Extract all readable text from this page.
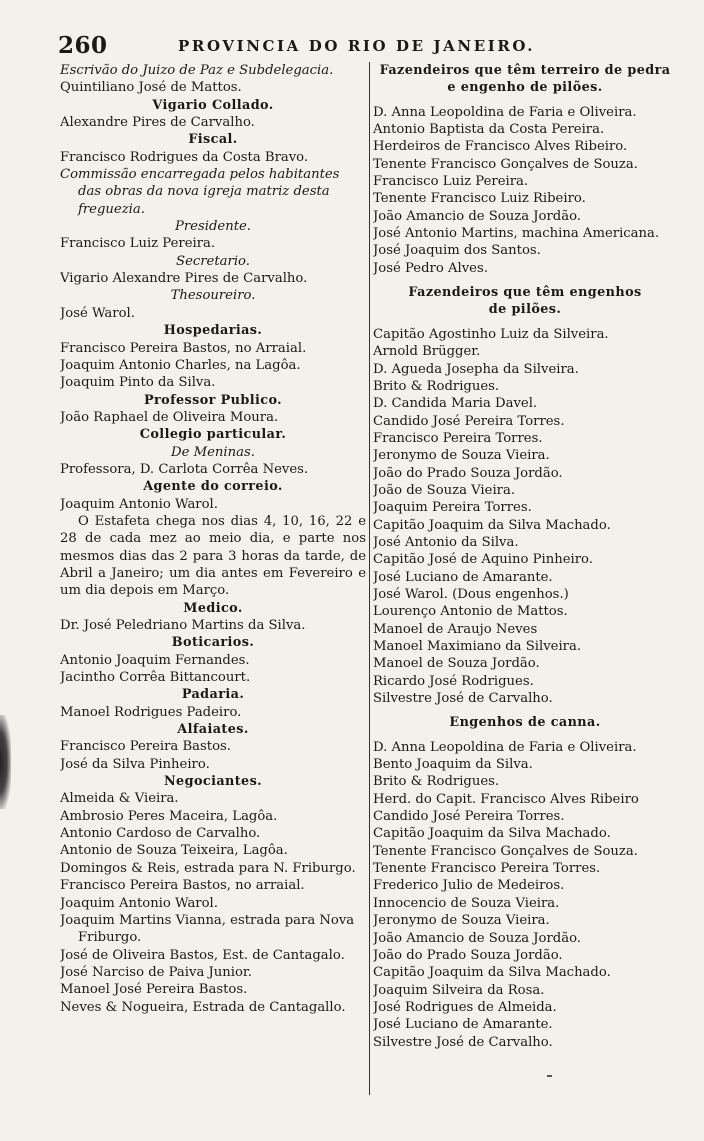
260	PROVINCIA DO RIO DE JANEIRO.
Escrivão do Juizo de Paz e Subdelegacia.
Quintiliano José de Mattos.
Vigario Collado.
Alexandre Pires de Carvalho.
Fiscal.
Francisco Rodrigues da Costa Bravo.
Commissão encarregada pelos habitantes
das obras da nova igreja matriz desta
freguezia.
Presidente.
Francisco Luiz Pereira.
Secretario.
Vigario Alexandre Pires de Carvalho.
Thesoureiro.
José Warol.
Hospedarias.
Francisco Pereira Bastos, no Arraial.
Joaquim Antonio Charles, na Lagôa.
Joaquim Pinto da Silva.
Professor Publico.
João Raphael de Oliveira Moura.
Collegio particular.
De Meninas.
Professora, D. Carlota Corrêa Neves.
Agente do correio.
Joaquim Antonio Warol.
O Estafeta chega nos dias 4, 10, 16, 22 e 28 de cada mez ao meio dia, e parte nos mesmos dias das 2 para 3 horas da tarde, de Abril a Janeiro; um dia antes em Fevereiro e um dia depois em Março.
Medico.
Dr. José Peledriano Martins da Silva.
Boticarios.
Antonio Joaquim Fernandes.
Jacintho Corrêa Bittancourt.
Padaria.
Manoel Rodrigues Padeiro.
Alfaiates.
Francisco Pereira Bastos.
José da Silva Pinheiro.
Negociantes.
Almeida & Vieira.
Ambrosio Peres Maceira, Lagôa.
Antonio Cardoso de Carvalho.
Antonio de Souza Teixeira, Lagôa.
Domingos & Reis, estrada para N. Friburgo.
Francisco Pereira Bastos, no arraial.
Joaquim Antonio Warol.
Joaquim Martins Vianna, estrada para Nova
Friburgo.
José de Oliveira Bastos, Est. de Cantagalo.
José Narciso de Paiva Junior.
Manoel José Pereira Bastos.
Neves & Nogueira, Estrada de Cantagallo.
Fazendeiros que têm terreiro de pedra
e engenho de pilões.
D. Anna Leopoldina de Faria e Oliveira.
Antonio Baptista da Costa Pereira.
Herdeiros de Francisco Alves Ribeiro.
Tenente Francisco Gonçalves de Souza.
Francisco Luiz Pereira.
Tenente Francisco Luiz Ribeiro.
João Amancio de Souza Jordão.
José Antonio Martins, machina Americana.
José Joaquim dos Santos.
José Pedro Alves.
Fazendeiros que têm engenhos
de pilões.
Capitão Agostinho Luiz da Silveira.
Arnold Brügger.
D. Agueda Josepha da Silveira.
Brito & Rodrigues.
D. Candida Maria Davel.
Candido José Pereira Torres.
Francisco Pereira Torres.
Jeronymo de Souza Vieira.
João do Prado Souza Jordão.
João de Souza Vieira.
Joaquim Pereira Torres.
Capitão Joaquim da Silva Machado.
José Antonio da Silva.
Capitão José de Aquino Pinheiro.
José Luciano de Amarante.
José Warol. (Dous engenhos.)
Lourenço Antonio de Mattos.
Manoel de Araujo Neves
Manoel Maximiano da Silveira.
Manoel de Souza Jordão.
Ricardo José Rodrigues.
Silvestre José de Carvalho.
Engenhos de canna.
D. Anna Leopoldina de Faria e Oliveira.
Bento Joaquim da Silva.
Brito & Rodrigues.
Herd. do Capit. Francisco Alves Ribeiro
Candido José Pereira Torres.
Capitão Joaquim da Silva Machado.
Tenente Francisco Gonçalves de Souza.
Tenente Francisco Pereira Torres.
Frederico Julio de Medeiros.
Innocencio de Souza Vieira.
Jeronymo de Souza Vieira.
João Amancio de Souza Jordão.
João do Prado Souza Jordão.
Capitão Joaquim da Silva Machado.
Joaquim Silveira da Rosa.
José Rodrigues de Almeida.
José Luciano de Amarante.
Silvestre José de Carvalho.
